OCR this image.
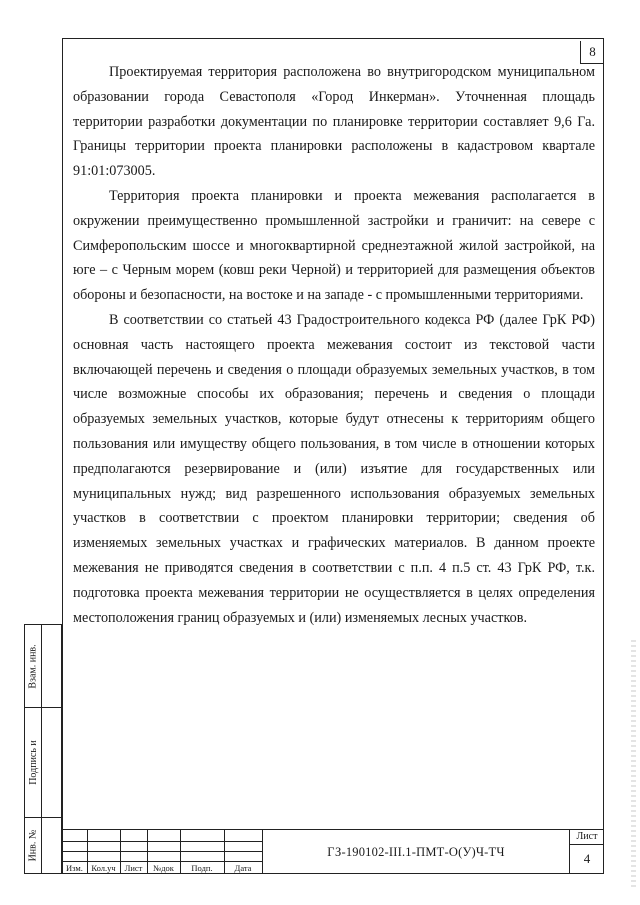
8

Проектируемая территория расположена во внутригородском муниципальном образовании города Севастополя «Город Инкерман». Уточненная площадь территории разработки документации по планировке территории составляет 9,6 Га. Границы территории проекта планировки расположены в кадастровом квартале 91:01:073005.

Территория проекта планировки и проекта межевания располагается в окружении преимущественно промышленной застройки и граничит: на севере с Симферопольским шоссе и многоквартирной среднеэтажной жилой застройкой, на юге – с Черным морем (ковш реки Черной) и территорией для размещения объектов обороны и безопасности, на востоке и на западе - с промышленными территориями.

В соответствии со статьей 43 Градостроительного кодекса РФ (далее ГрК РФ) основная часть настоящего проекта межевания состоит из текстовой части включающей перечень и сведения о площади образуемых земельных участков, в том числе возможные способы их образования; перечень и сведения о площади образуемых земельных участков, которые будут отнесены к территориям общего пользования или имуществу общего пользования, в том числе в отношении которых предполагаются резервирование и (или) изъятие для государственных или муниципальных нужд; вид разрешенного использования образуемых земельных участков в соответствии с проектом планировки территории; сведения об изменяемых земельных участках и графических материалов. В данном проекте межевания не приводятся сведения в соответствии с п.п. 4 п.5 ст. 43 ГрК РФ, т.к. подготовка проекта межевания территории не осуществляется в целях определения местоположения границ образуемых и (или) изменяемых лесных участков.

Взам. инв.
Подпись и
Инв. №
Изм. Кол.уч	Лист	№док	Подп.	Дата
ГЗ-190102-III.1-ПМТ-О(У)Ч-ТЧ
Лист
4
